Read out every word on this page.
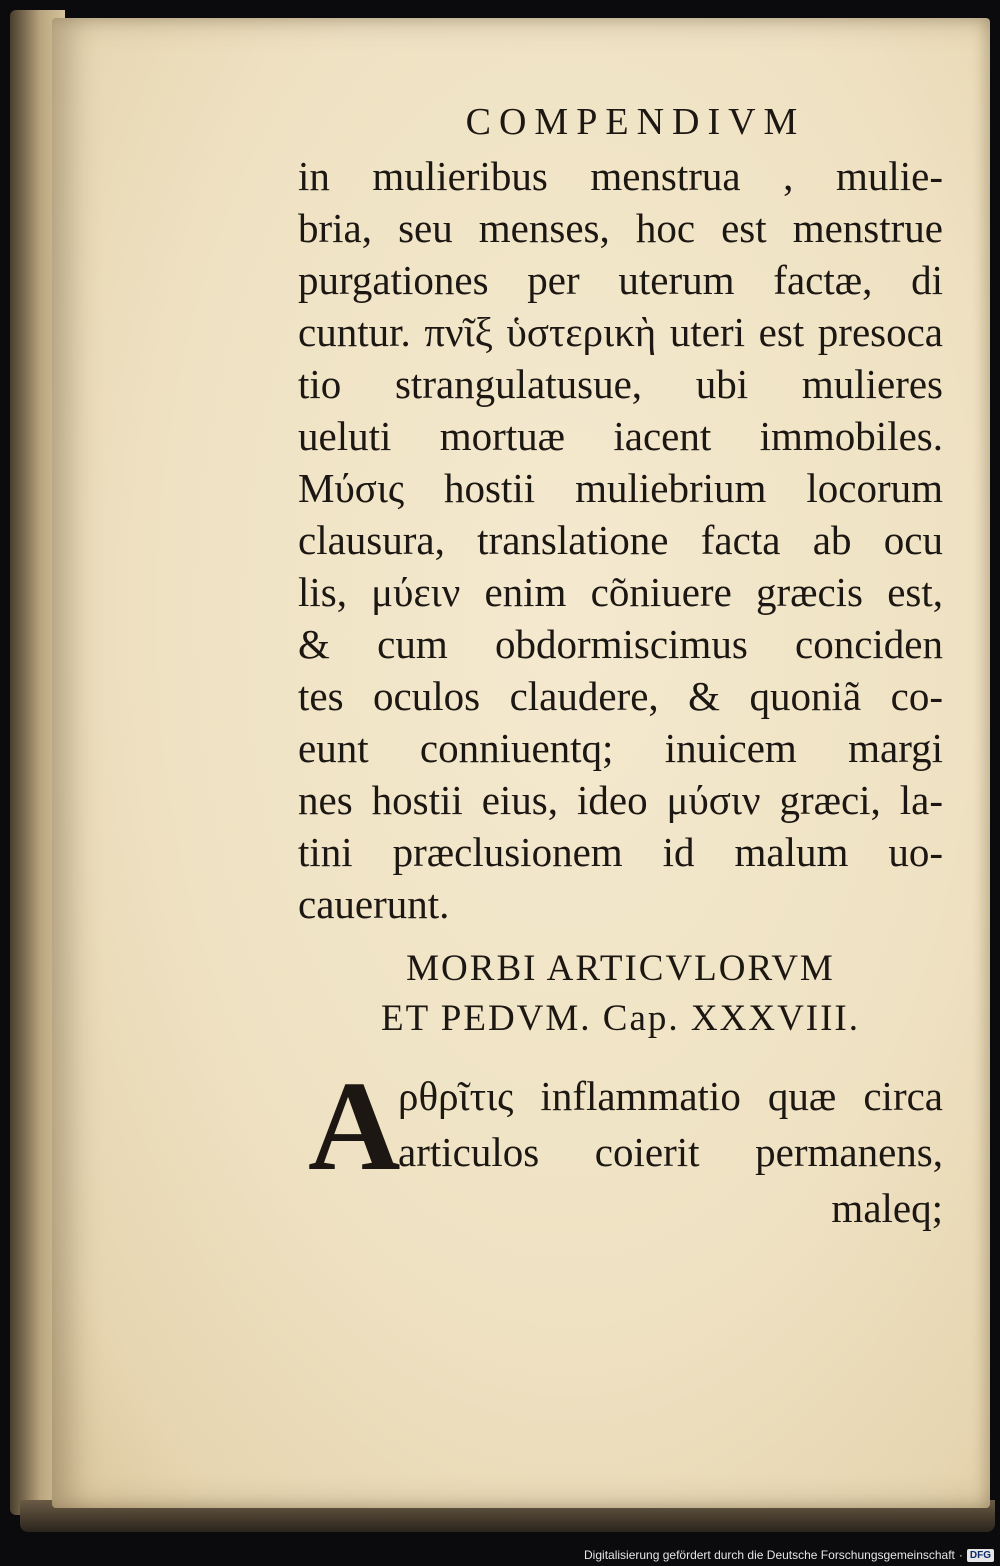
COMPENDIVM
in mulieribus menstrua , mulie-
bria, seu menses, hoc est menstrue
purgationes per uterum factæ, di
cuntur. πνῖξ ὑστερικὴ uteri est presoca
tio strangulatusue, ubi mulieres
ueluti mortuæ iacent immobiles.
Μύσις hostii muliebrium locorum
clausura, translatione facta ab ocu
lis, μύειν enim cõniuere græcis est,
& cum obdormiscimus conciden
tes oculos claudere, & quoniã co-
eunt conniuentq; inuicem margi
nes hostii eius, ideo μύσιν græci, la-
tini præclusionem id malum uo-
cauerunt.
MORBI ARTICVLORVM
ET PEDVM. Cap. XXXVIII.
A
ρθρῖτις inflammatio quæ circa
articulos coierit permanens,
maleq;
Digitalisierung gefördert durch die Deutsche Forschungsgemeinschaft · DFG
